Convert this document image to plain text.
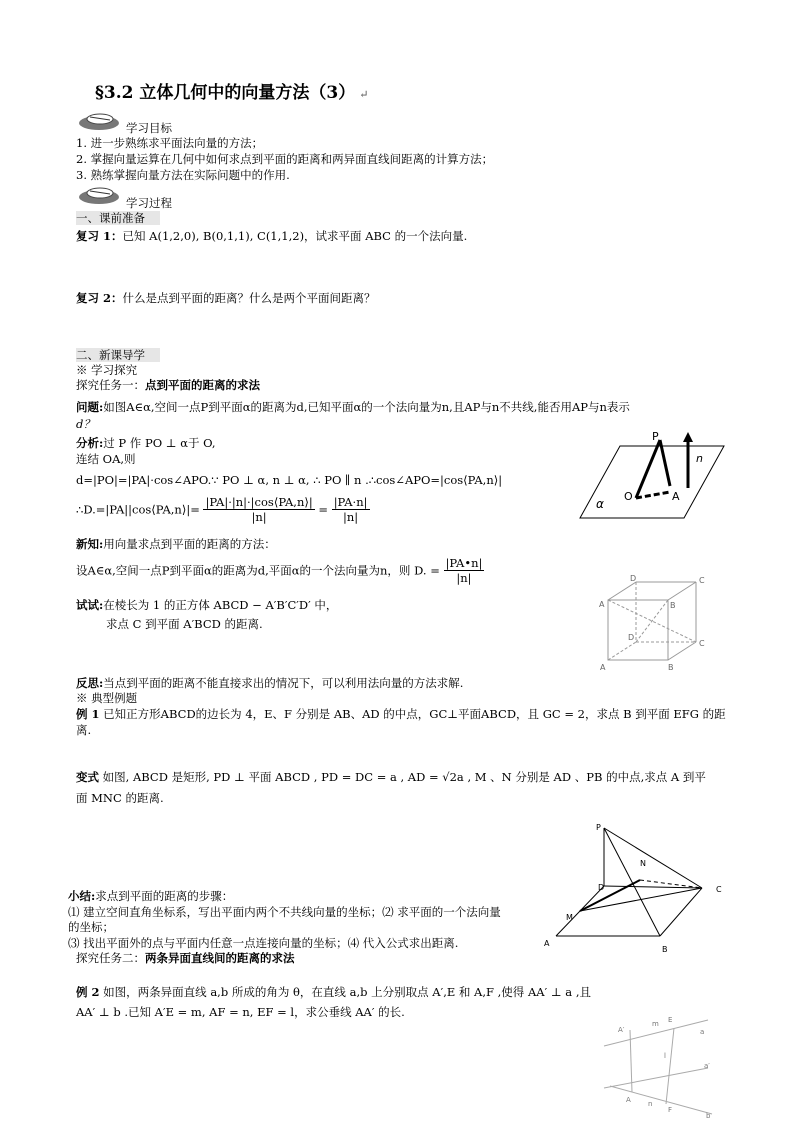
§3.2 立体几何中的向量方法（3） ↵
学习目标
1. 进一步熟练求平面法向量的方法；
2. 掌握向量运算在几何中如何求点到平面的距离和两异面直线间距离的计算方法；
3. 熟练掌握向量方法在实际问题中的作用.
学习过程
一、课前准备
复习 1：已知 A(1,2,0), B(0,1,1), C(1,1,2)，试求平面 ABC 的一个法向量.
复习 2：什么是点到平面的距离？什么是两个平面间距离？
二、新课导学
※ 学习探究
探究任务一：点到平面的距离的求法
问题:如图A∈α,空间一点P到平面α的距离为d,已知平面α的一个法向量为n,且AP与n不共线,能否用AP与n表示
d？
分析:过 P 作 PO ⊥ α于 O,
连结 OA,则
d=|PO|=|PA|·cos∠APO.∵ PO ⊥ α, n ⊥ α, ∴ PO ∥ n .∴cos∠APO=|cos⟨PA,n⟩|
∴D.=|PA||cos⟨PA,n⟩|= $\frac{|PA|\cdot|n|\cdot|\cos⟨PA,n⟩|}{|n|} = \frac{|PA\cdot n|}{|n|}$
P
n
O	A
α
新知:用向量求点到平面的距离的方法：
设A∈α,空间一点P到平面α的距离为d,平面α的一个法向量为n，则 D. = $\frac{|PA•n|}{|n|}$
试试:在棱长为 1 的正方体 ABCD − A′B′C′D′ 中，
求点 C 到平面 A′BCD 的距离.
D	C
A	B
D
C
A	B
反思:当点到平面的距离不能直接求出的情况下，可以利用法向量的方法求解.
※ 典型例题
例 1 已知正方形ABCD的边长为 4，E、F 分别是 AB、AD 的中点，GC⊥平面ABCD，且 GC = 2，求点 B 到平面 EFG 的距
离.
变式 如图, ABCD 是矩形, PD ⊥ 平面 ABCD , PD = DC = a , AD = √2a , M 、N 分别是 AD 、PB 的中点,求点 A 到平
面 MNC 的距离.
P
N
D	C
M
A
B
小结:求点到平面的距离的步骤：
⑴ 建立空间直角坐标系，写出平面内两个不共线向量的坐标；⑵ 求平面的一个法向量
的坐标；
⑶ 找出平面外的点与平面内任意一点连接向量的坐标；⑷ 代入公式求出距离.
探究任务二：两条异面直线间的距离的求法
例 2 如图，两条异面直线 a,b 所成的角为 θ，在直线 a,b 上分别取点 A′,E 和 A,F ,使得 AA′ ⊥ a ,且
AA′ ⊥ b .已知 A′E = m, AF = n, EF = l，求公垂线 AA′ 的长.
A′
m E
a
l
a′
A n
F
b
